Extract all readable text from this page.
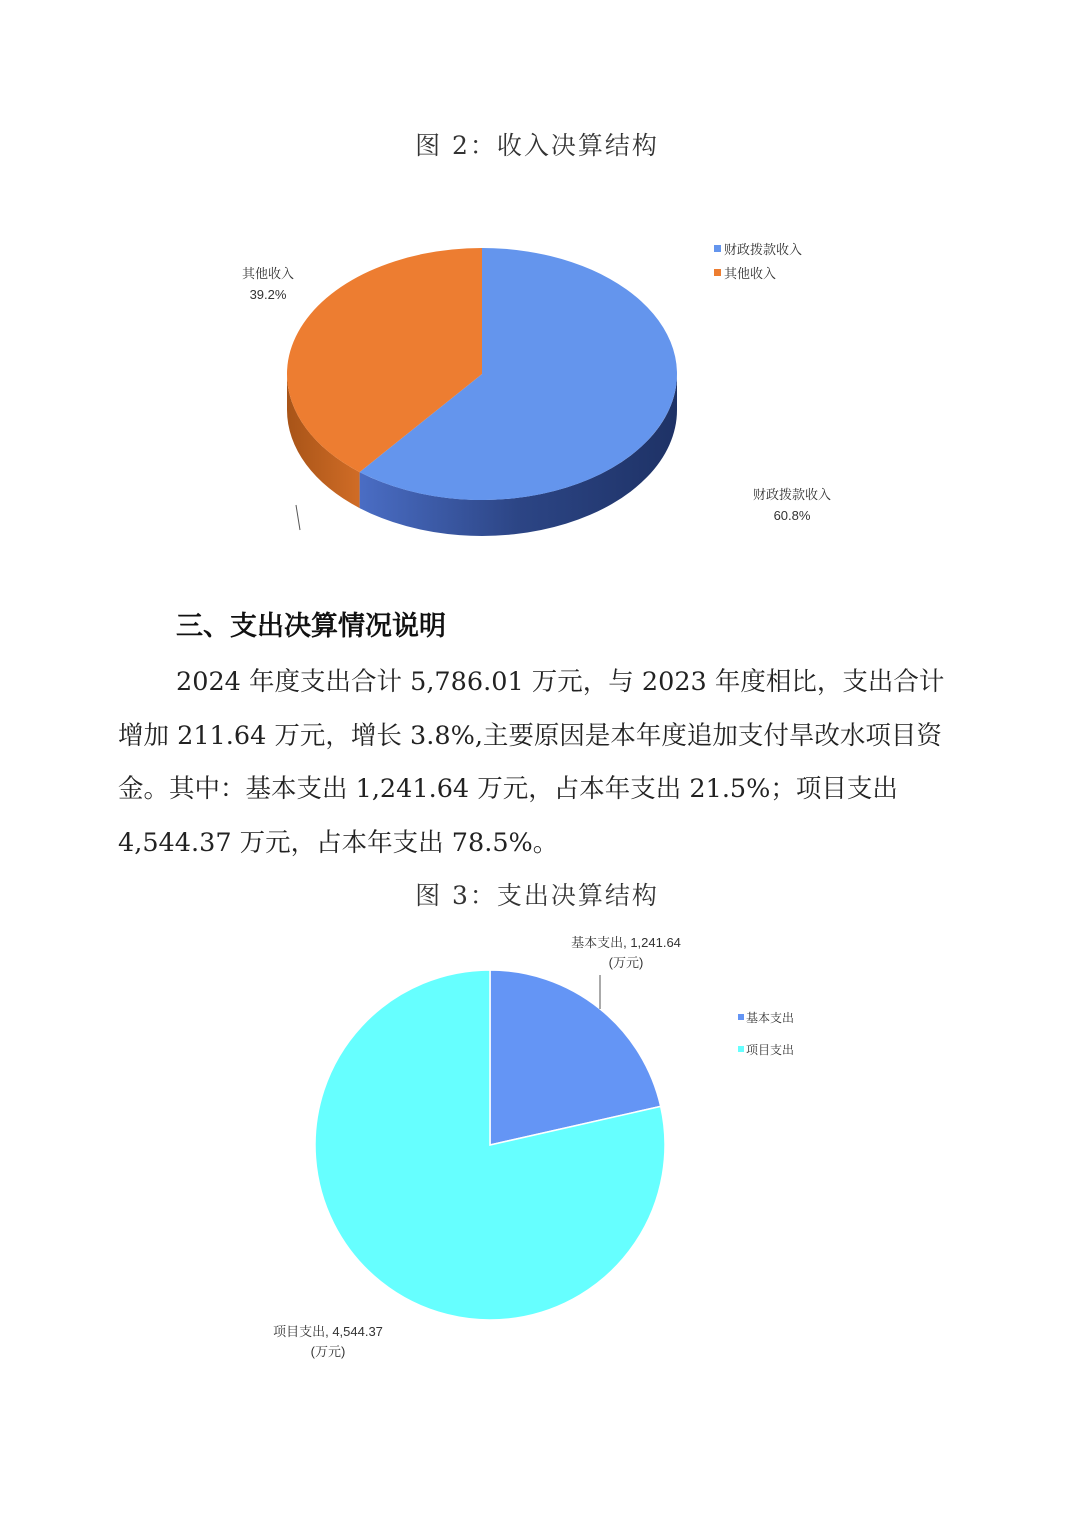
图 2：收入决算结构
其他收入
39.2%
财政拨款收入
60.8%
财政拨款收入
其他收入
三、支出决算情况说明

2024 年度支出合计 5,786.01 万元，与 2023 年度相比，支出合计增加 211.64 万元，增长 3.8%,主要原因是本年度追加支付旱改水项目资金。其中：基本支出 1,241.64 万元，占本年支出 21.5%；项目支出 4,544.37 万元，占本年支出 78.5%。

图 3：支出决算结构
基本支出, 1,241.64
(万元)
项目支出, 4,544.37
(万元)
基本支出
项目支出
